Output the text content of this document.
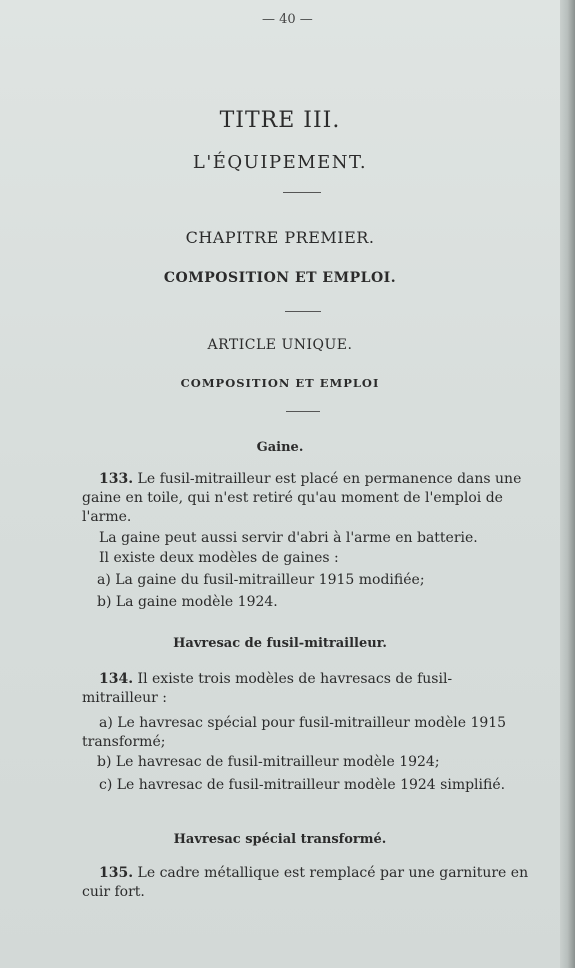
— 40 —
TITRE III.
L'ÉQUIPEMENT.
CHAPITRE PREMIER.
COMPOSITION ET EMPLOI.
ARTICLE UNIQUE.
COMPOSITION ET EMPLOI
Gaine.
133. Le fusil-mitrailleur est placé en permanence dans une gaine en toile, qui n'est retiré qu'au moment de l'emploi de l'arme.
La gaine peut aussi servir d'abri à l'arme en batterie.
Il existe deux modèles de gaines :
a) La gaine du fusil-mitrailleur 1915 modifiée;
b) La gaine modèle 1924.
Havresac de fusil-mitrailleur.
134. Il existe trois modèles de havresacs de fusil-mitrailleur :
a) Le havresac spécial pour fusil-mitrailleur modèle 1915 transformé;
b) Le havresac de fusil-mitrailleur modèle 1924;
c) Le havresac de fusil-mitrailleur modèle 1924 simplifié.
Havresac spécial transformé.
135. Le cadre métallique est remplacé par une garniture en cuir fort.
